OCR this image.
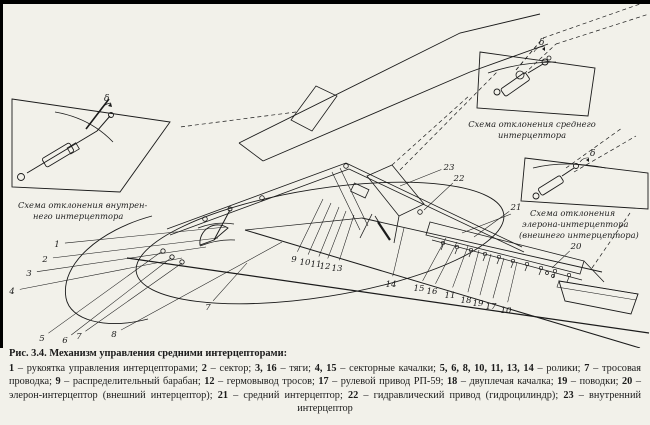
δ
Схема отклонения внутрен-
него интерцептора
δ
Схема отклонения среднего
интерцептора
δ
Схема отклонения
элерона-интерцептора
(внешнего интерцептора)
1
2
3
4
5 6 7	8
7
9 10 11
12 13
14 15 16 11 18 19 17 10
20
21
22
23

Рис. 3.4. Механизм управления средними интерцепторами:

1 – рукоятка управления интерцепторами; 2 – сектор; 3, 16 – тяги; 4, 15 – секторные качалки; 5, 6, 8, 10, 11, 13, 14 – ролики; 7 – тросовая проводка; 9 – распределительный барабан; 12 – гермовывод тросов; 17 – рулевой привод РП-59; 18 – двуплечая качалка; 19 – поводки; 20 – элерон-интерцептор (внешний интерцептор); 21 – средний интерцептор; 22 – гидравлический привод (гидроцилиндр); 23 – внутренний интерцептор
